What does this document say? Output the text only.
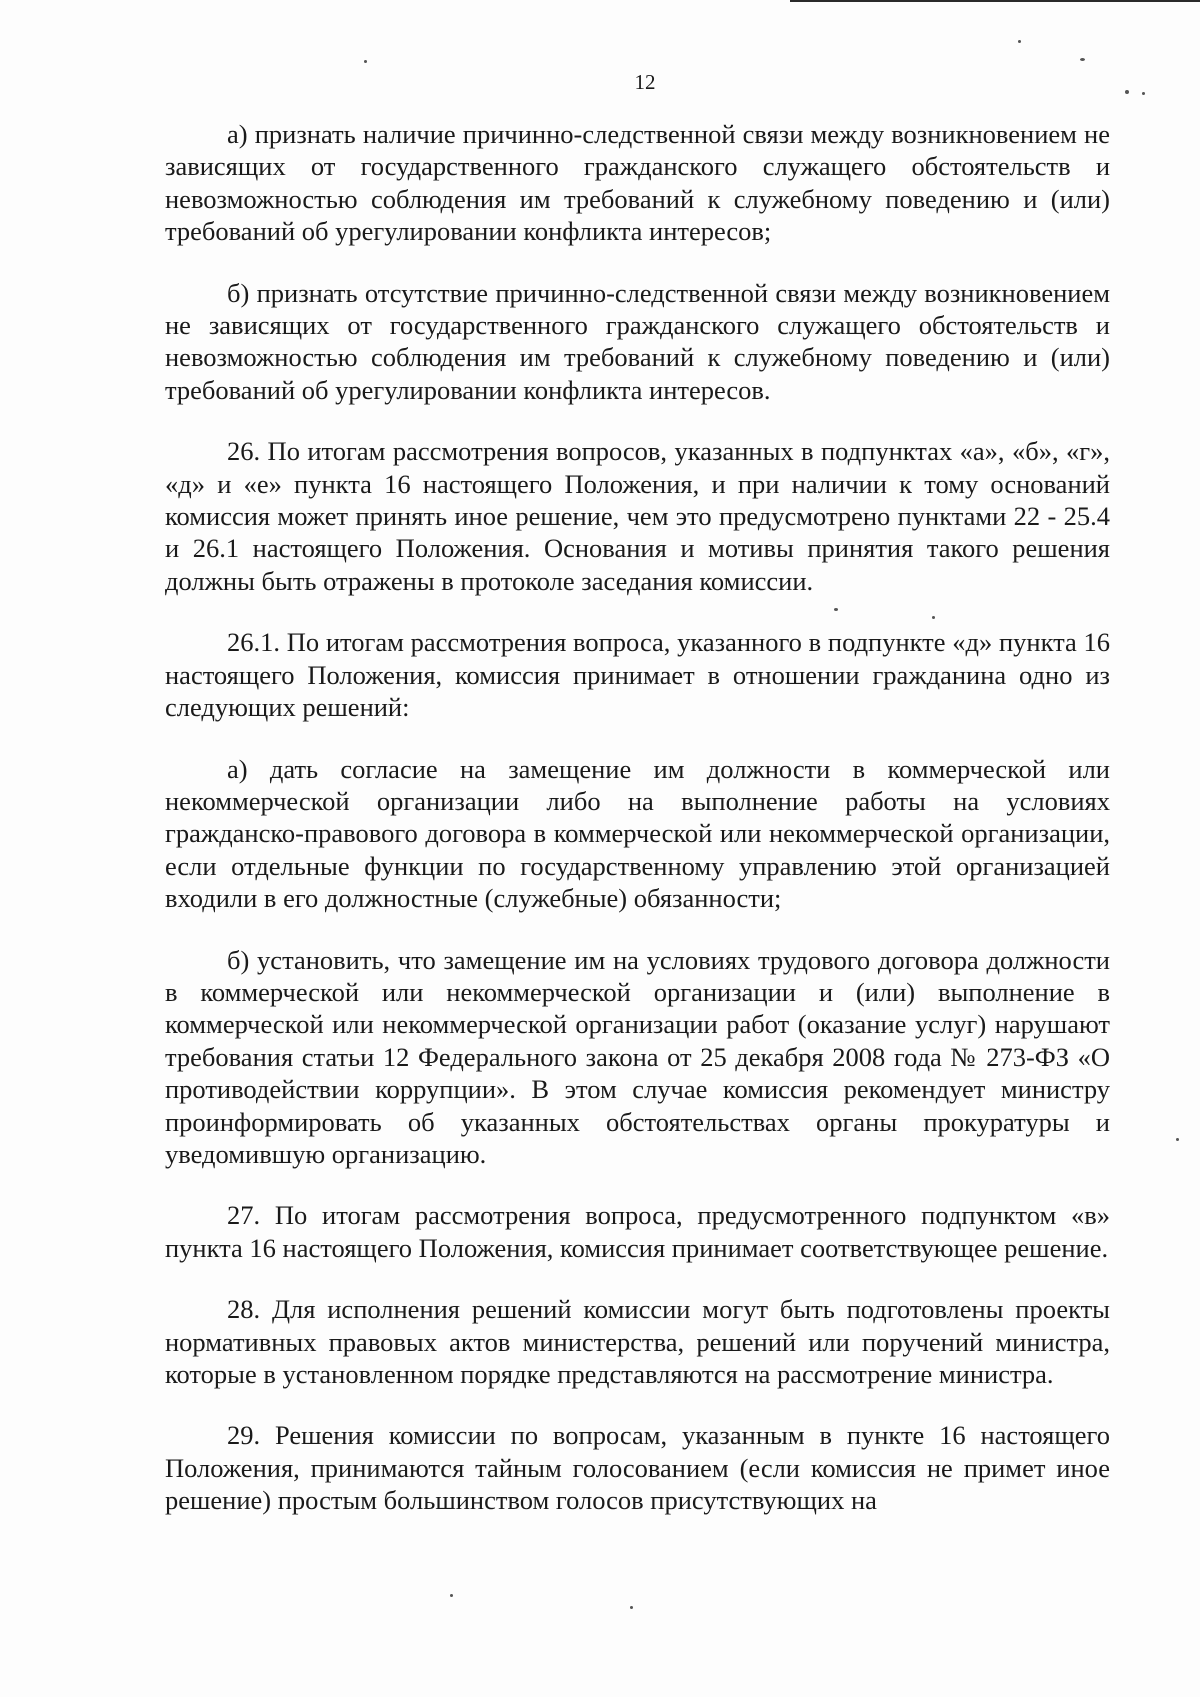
12

а) признать наличие причинно-следственной связи между возникновением не зависящих от государственного гражданского служащего обстоятельств и невозможностью соблюдения им требований к служебному поведению и (или) требований об урегулировании конфликта интересов;

б) признать отсутствие причинно-следственной связи между возникновением не зависящих от государственного гражданского служащего обстоятельств и невозможностью соблюдения им требований к служебному поведению и (или) требований об урегулировании конфликта интересов.

26. По итогам рассмотрения вопросов, указанных в подпунктах «а», «б», «г», «д» и «е» пункта 16 настоящего Положения, и при наличии к тому оснований комиссия может принять иное решение, чем это предусмотрено пунктами 22 - 25.4 и 26.1 настоящего Положения. Основания и мотивы принятия такого решения должны быть отражены в протоколе заседания комиссии.

26.1. По итогам рассмотрения вопроса, указанного в подпункте «д» пункта 16 настоящего Положения, комиссия принимает в отношении гражданина одно из следующих решений:

а) дать согласие на замещение им должности в коммерческой или некоммерческой организации либо на выполнение работы на условиях гражданско-правового договора в коммерческой или некоммерческой организации, если отдельные функции по государственному управлению этой организацией входили в его должностные (служебные) обязанности;

б) установить, что замещение им на условиях трудового договора должности в коммерческой или некоммерческой организации и (или) выполнение в коммерческой или некоммерческой организации работ (оказание услуг) нарушают требования статьи 12 Федерального закона от 25 декабря 2008 года № 273-ФЗ «О противодействии коррупции». В этом случае комиссия рекомендует министру проинформировать об указанных обстоятельствах органы прокуратуры и уведомившую организацию.

27. По итогам рассмотрения вопроса, предусмотренного подпунктом «в» пункта 16 настоящего Положения, комиссия принимает соответствующее решение.

28. Для исполнения решений комиссии могут быть подготовлены проекты нормативных правовых актов министерства, решений или поручений министра, которые в установленном порядке представляются на рассмотрение министра.

29. Решения комиссии по вопросам, указанным в пункте 16 настоящего Положения, принимаются тайным голосованием (если комиссия не примет иное решение) простым большинством голосов присутствующих на
